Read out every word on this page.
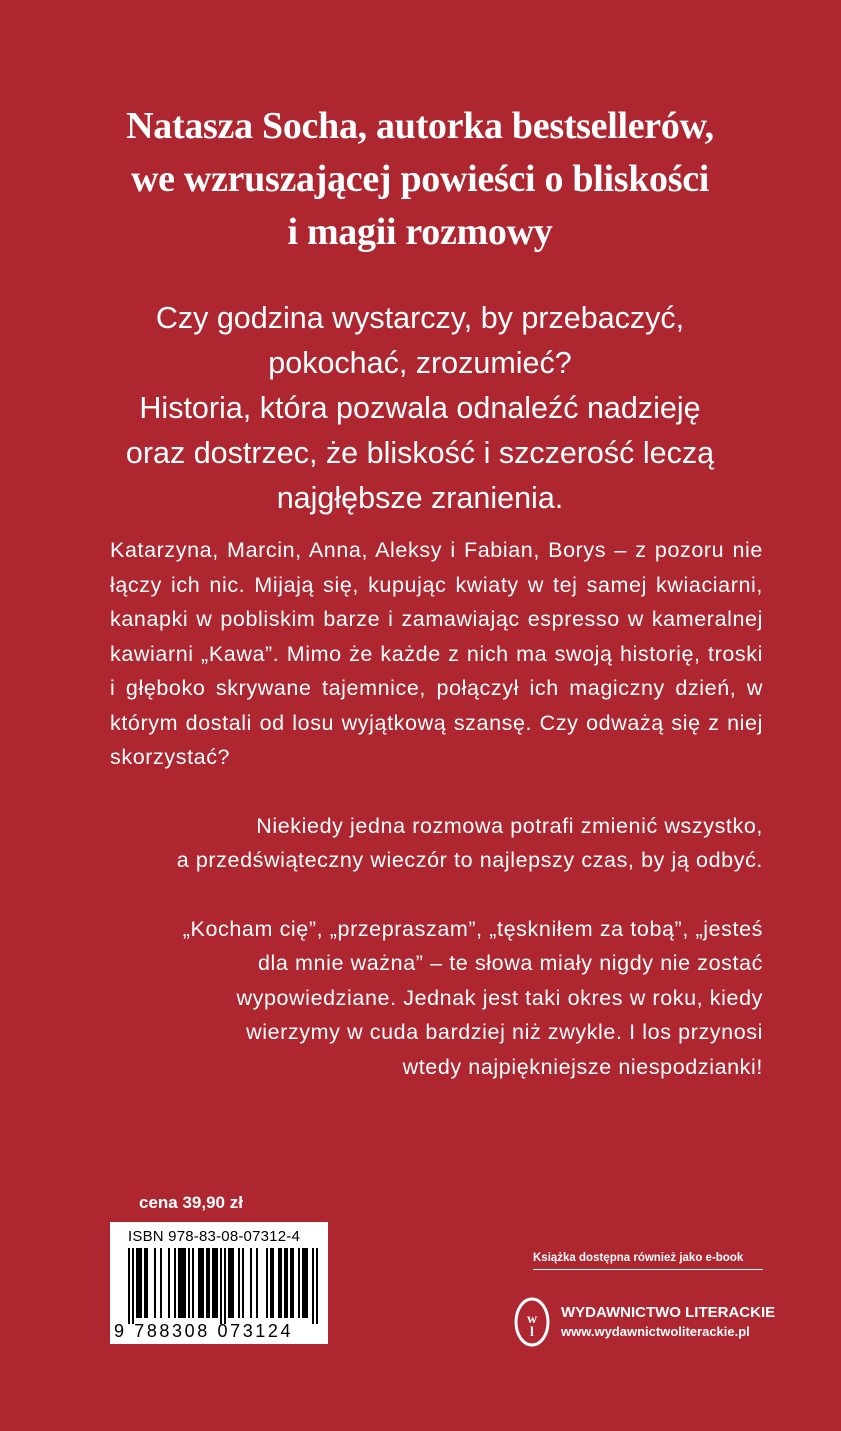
Natasza Socha, autorka bestsellerów,
we wzruszającej powieści o bliskości
i magii rozmowy
Czy godzina wystarczy, by przebaczyć,
pokochać, zrozumieć?
Historia, która pozwala odnaleźć nadzieję
oraz dostrzec, że bliskość i szczerość leczą
najgłębsze zranienia.

Katarzyna, Marcin, Anna, Aleksy i Fabian, Borys – z pozoru nie łączy ich nic. Mijają się, kupując kwiaty w tej samej kwiaciarni, kanapki w pobliskim barze i zamawiając espresso w kameralnej kawiarni „Kawa”. Mimo że każde z nich ma swoją historię, troski i głęboko skrywane tajemnice, połączył ich magiczny dzień, w którym dostali od losu wyjątkową szansę. Czy odważą się z niej skorzystać?

Niekiedy jedna rozmowa potrafi zmienić wszystko,
a przedświąteczny wieczór to najlepszy czas, by ją odbyć.

„Kocham cię”, „przepraszam”, „tęskniłem za tobą”, „jesteś
dla mnie ważna” – te słowa miały nigdy nie zostać
wypowiedziane. Jednak jest taki okres w roku, kiedy
wierzymy w cuda bardziej niż zwykle. I los przynosi
wtedy najpiękniejsze niespodzianki!

cena 39,90 zł
ISBN 978-83-08-07312-4
9 788308 073124
Książka dostępna również jako e-book
w
l
WYDAWNICTWO LITERACKIE
www.wydawnictwoliterackie.pl
